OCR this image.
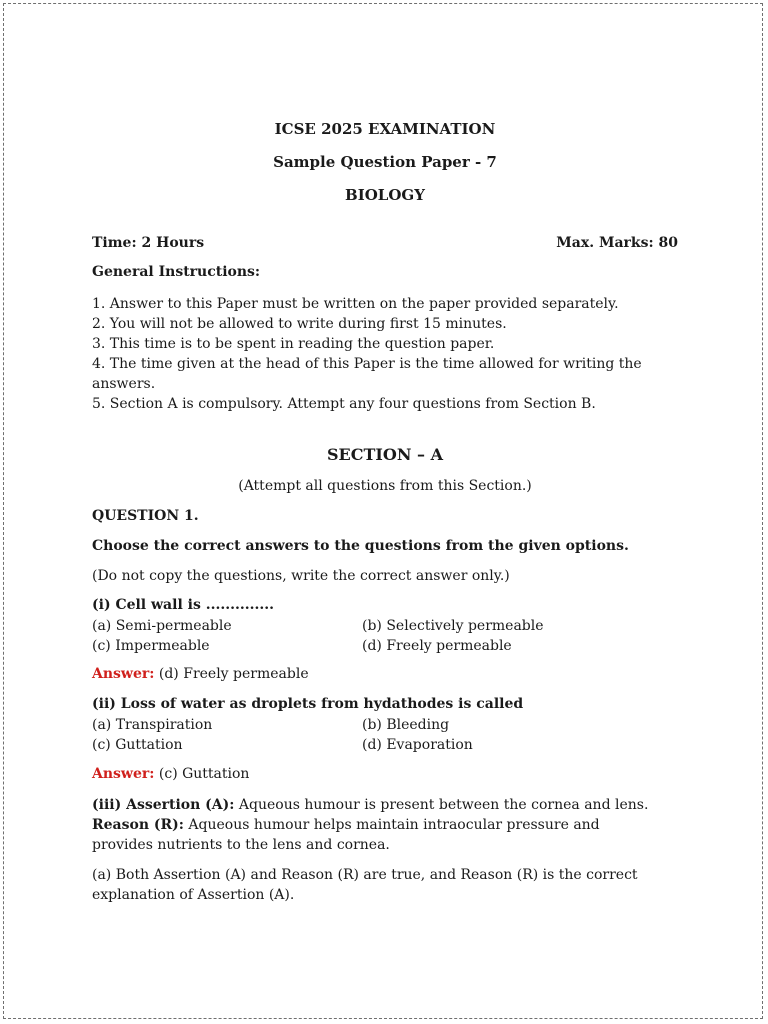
ICSE 2025 EXAMINATION
Sample Question Paper - 7
BIOLOGY
Time: 2 Hours	Max. Marks: 80
General Instructions:
1. Answer to this Paper must be written on the paper provided separately.
2. You will not be allowed to write during first 15 minutes.
3. This time is to be spent in reading the question paper.
4. The time given at the head of this Paper is the time allowed for writing the
answers.
5. Section A is compulsory. Attempt any four questions from Section B.
SECTION – A
(Attempt all questions from this Section.)
QUESTION 1.
Choose the correct answers to the questions from the given options.
(Do not copy the questions, write the correct answer only.)
(i) Cell wall is ..............
(a) Semi-permeable	(b) Selectively permeable
(c) Impermeable	(d) Freely permeable
Answer: (d) Freely permeable
(ii) Loss of water as droplets from hydathodes is called
(a) Transpiration	(b) Bleeding
(c) Guttation	(d) Evaporation
Answer: (c) Guttation
(iii) Assertion (A): Aqueous humour is present between the cornea and lens.
Reason (R): Aqueous humour helps maintain intraocular pressure and provides nutrients to the lens and cornea.
(a) Both Assertion (A) and Reason (R) are true, and Reason (R) is the correct explanation of Assertion (A).
